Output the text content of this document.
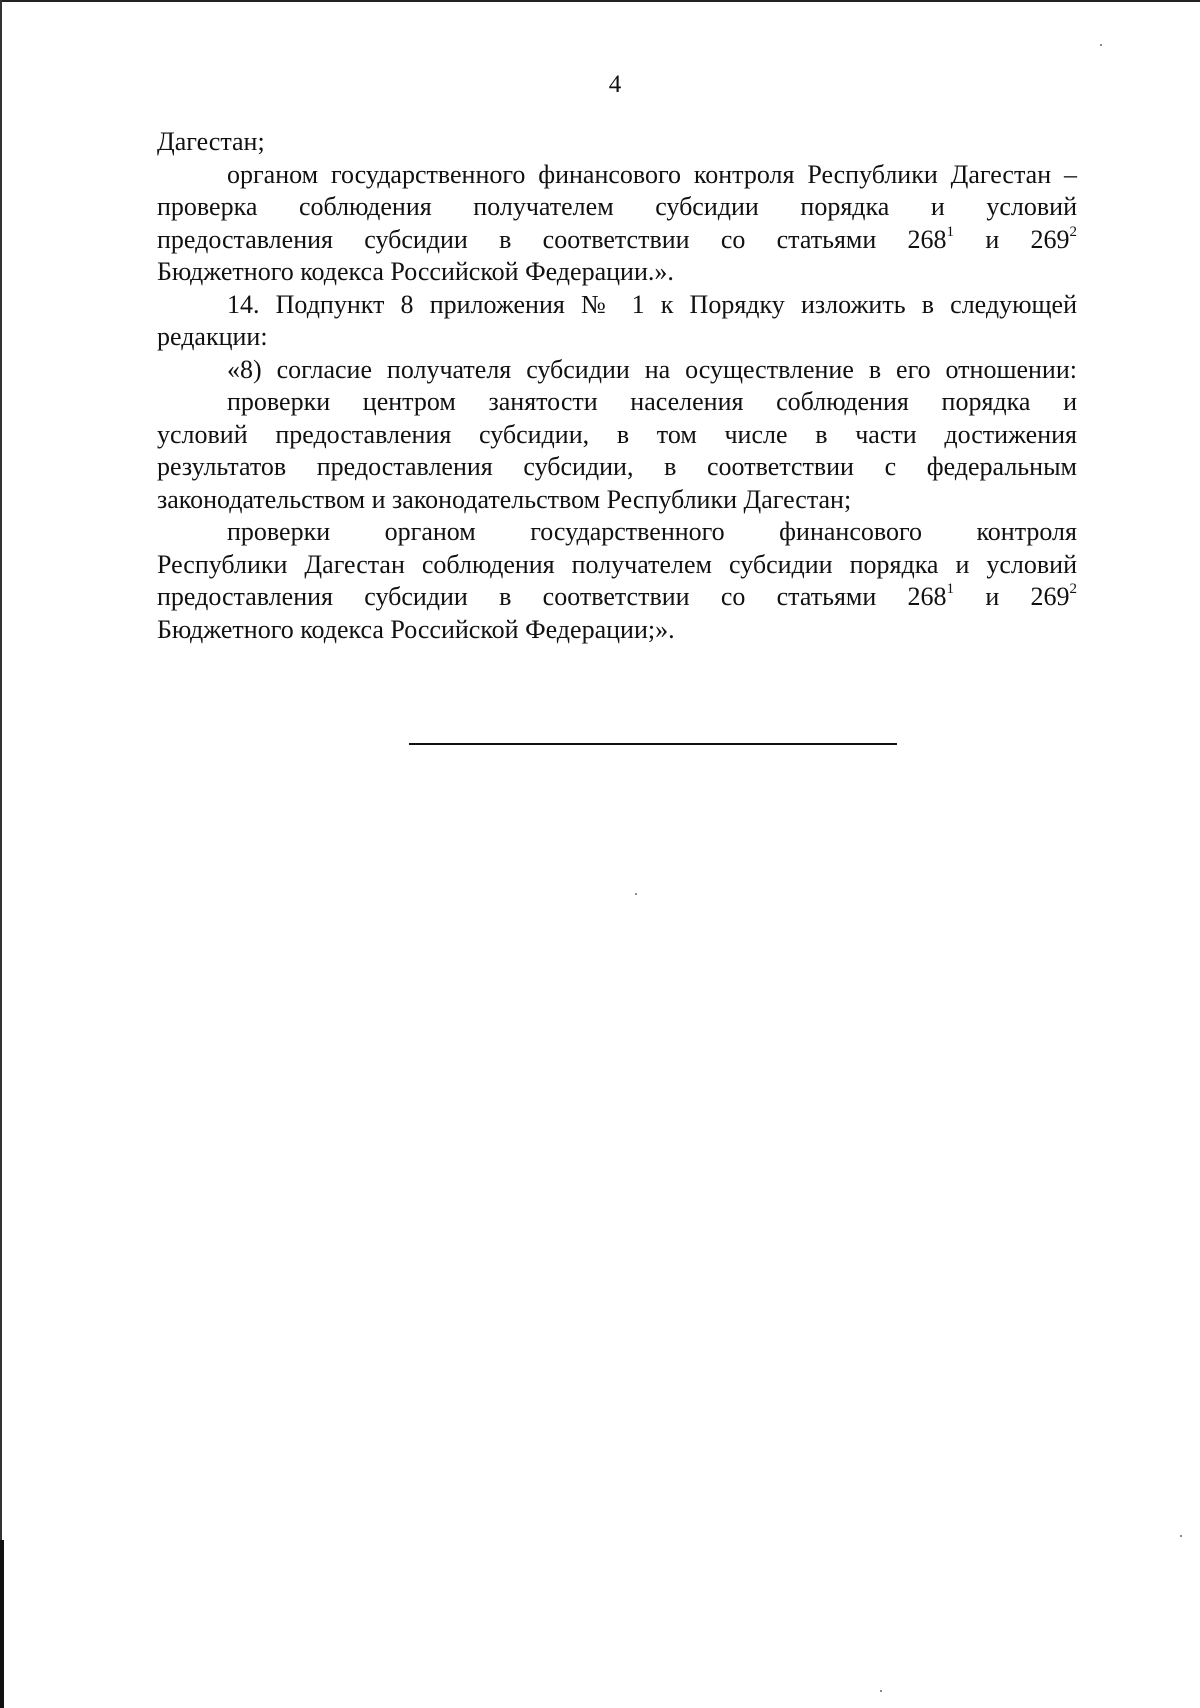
4

Дагестан;

органом государственного финансового контроля Республики Дагестан –
проверка соблюдения получателем субсидии порядка и условий
предоставления субсидии в соответствии со статьями $268^1$ и $269^2$
Бюджетного кодекса Российской Федерации.».

14. Подпункт 8 приложения № 1 к Порядку изложить в следующей
редакции:

«8) согласие получателя субсидии на осуществление в его отношении:

проверки центром занятости населения соблюдения порядка и
условий предоставления субсидии, в том числе в части достижения
результатов предоставления субсидии, в соответствии с федеральным
законодательством и законодательством Республики Дагестан;

проверки органом государственного финансового контроля
Республики Дагестан соблюдения получателем субсидии порядка и условий
предоставления субсидии в соответствии со статьями $268^1$ и $269^2$
Бюджетного кодекса Российской Федерации;».
